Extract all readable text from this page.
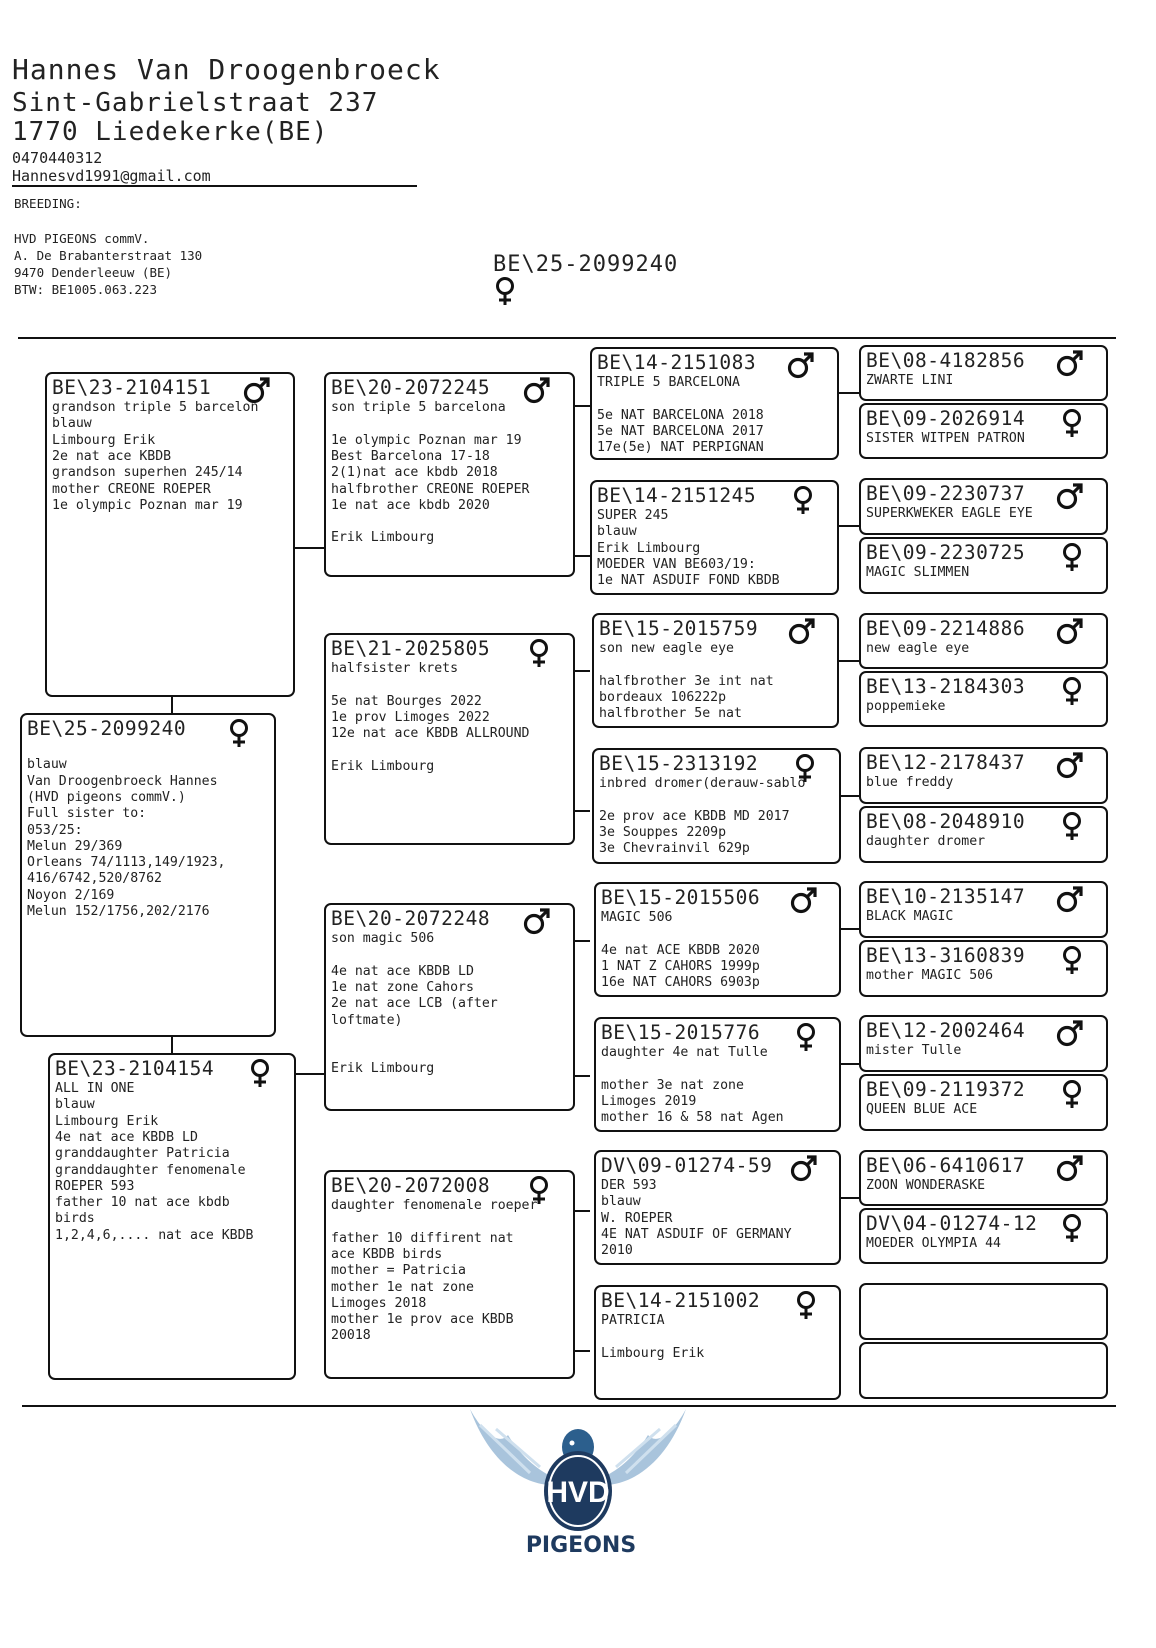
Hannes Van Droogenbroeck
Sint-Gabrielstraat 237
1770 Liedekerke(BE)
0470440312
Hannesvd1991@gmail.com
BREEDING:
HVD PIGEONS commV.
A. De Brabanterstraat 130
9470 Denderleeuw (BE)
BTW: BE1005.063.223
BE\25-2099240
BE\25-2099240
blauw
Van Droogenbroeck Hannes
(HVD pigeons commV.)
Full sister to:
053/25:
Melun 29/369
Orleans 74/1113,149/1923,
416/6742,520/8762
Noyon 2/169
Melun 152/1756,202/2176
BE\23-2104151
grandson triple 5 barcelon
blauw
Limbourg Erik
2e nat ace KBDB
grandson superhen 245/14
mother CREONE ROEPER
1e olympic Poznan mar 19
BE\23-2104154
ALL IN ONE
blauw
Limbourg Erik
4e nat ace KBDB LD
granddaughter Patricia
granddaughter fenomenale
ROEPER 593
father 10 nat ace kbdb
birds
1,2,4,6,.... nat ace KBDB
BE\20-2072245
son triple 5 barcelona
1e olympic Poznan mar 19
Best Barcelona 17-18
2(1)nat ace kbdb 2018
halfbrother CREONE ROEPER
1e nat ace kbdb 2020
Erik Limbourg
BE\21-2025805
halfsister krets
5e nat Bourges 2022
1e prov Limoges 2022
12e nat ace KBDB ALLROUND
Erik Limbourg
BE\20-2072248
son magic 506
4e nat ace KBDB LD
1e nat zone Cahors
2e nat ace LCB (after
loftmate)
Erik Limbourg
BE\20-2072008
daughter fenomenale roeper
father 10 diffirent nat
ace KBDB birds
mother = Patricia
mother 1e nat zone
Limoges 2018
mother 1e prov ace KBDB
20018
BE\14-2151083
TRIPLE 5 BARCELONA
5e NAT BARCELONA 2018
5e NAT BARCELONA 2017
17e(5e) NAT PERPIGNAN
BE\14-2151245
SUPER 245
blauw
Erik Limbourg
MOEDER VAN BE603/19:
1e NAT ASDUIF FOND KBDB
BE\15-2015759
son new eagle eye
halfbrother 3e int nat
bordeaux 106222p
halfbrother 5e nat
BE\15-2313192
inbred dromer(derauw-sablo
2e prov ace KBDB MD 2017
3e Souppes 2209p
3e Chevrainvil 629p
BE\15-2015506
MAGIC 506
4e nat ACE KBDB 2020
1 NAT Z CAHORS 1999p
16e NAT CAHORS 6903p
BE\15-2015776
daughter 4e nat Tulle
mother 3e nat zone
Limoges 2019
mother 16 & 58 nat Agen
DV\09-01274-59
DER 593
blauw
W. ROEPER
4E NAT ASDUIF OF GERMANY
2010
BE\14-2151002
PATRICIA
Limbourg Erik
BE\08-4182856
ZWARTE LINI
BE\09-2026914
SISTER WITPEN PATRON
BE\09-2230737
SUPERKWEKER EAGLE EYE
BE\09-2230725
MAGIC SLIMMEN
BE\09-2214886
new eagle eye
BE\13-2184303
poppemieke
BE\12-2178437
blue freddy
BE\08-2048910
daughter dromer
BE\10-2135147
BLACK MAGIC
BE\13-3160839
mother MAGIC 506
BE\12-2002464
mister Tulle
BE\09-2119372
QUEEN BLUE ACE
BE\06-6410617
ZOON WONDERASKE
DV\04-01274-12
MOEDER OLYMPIA 44
HVD
PIGEONS
